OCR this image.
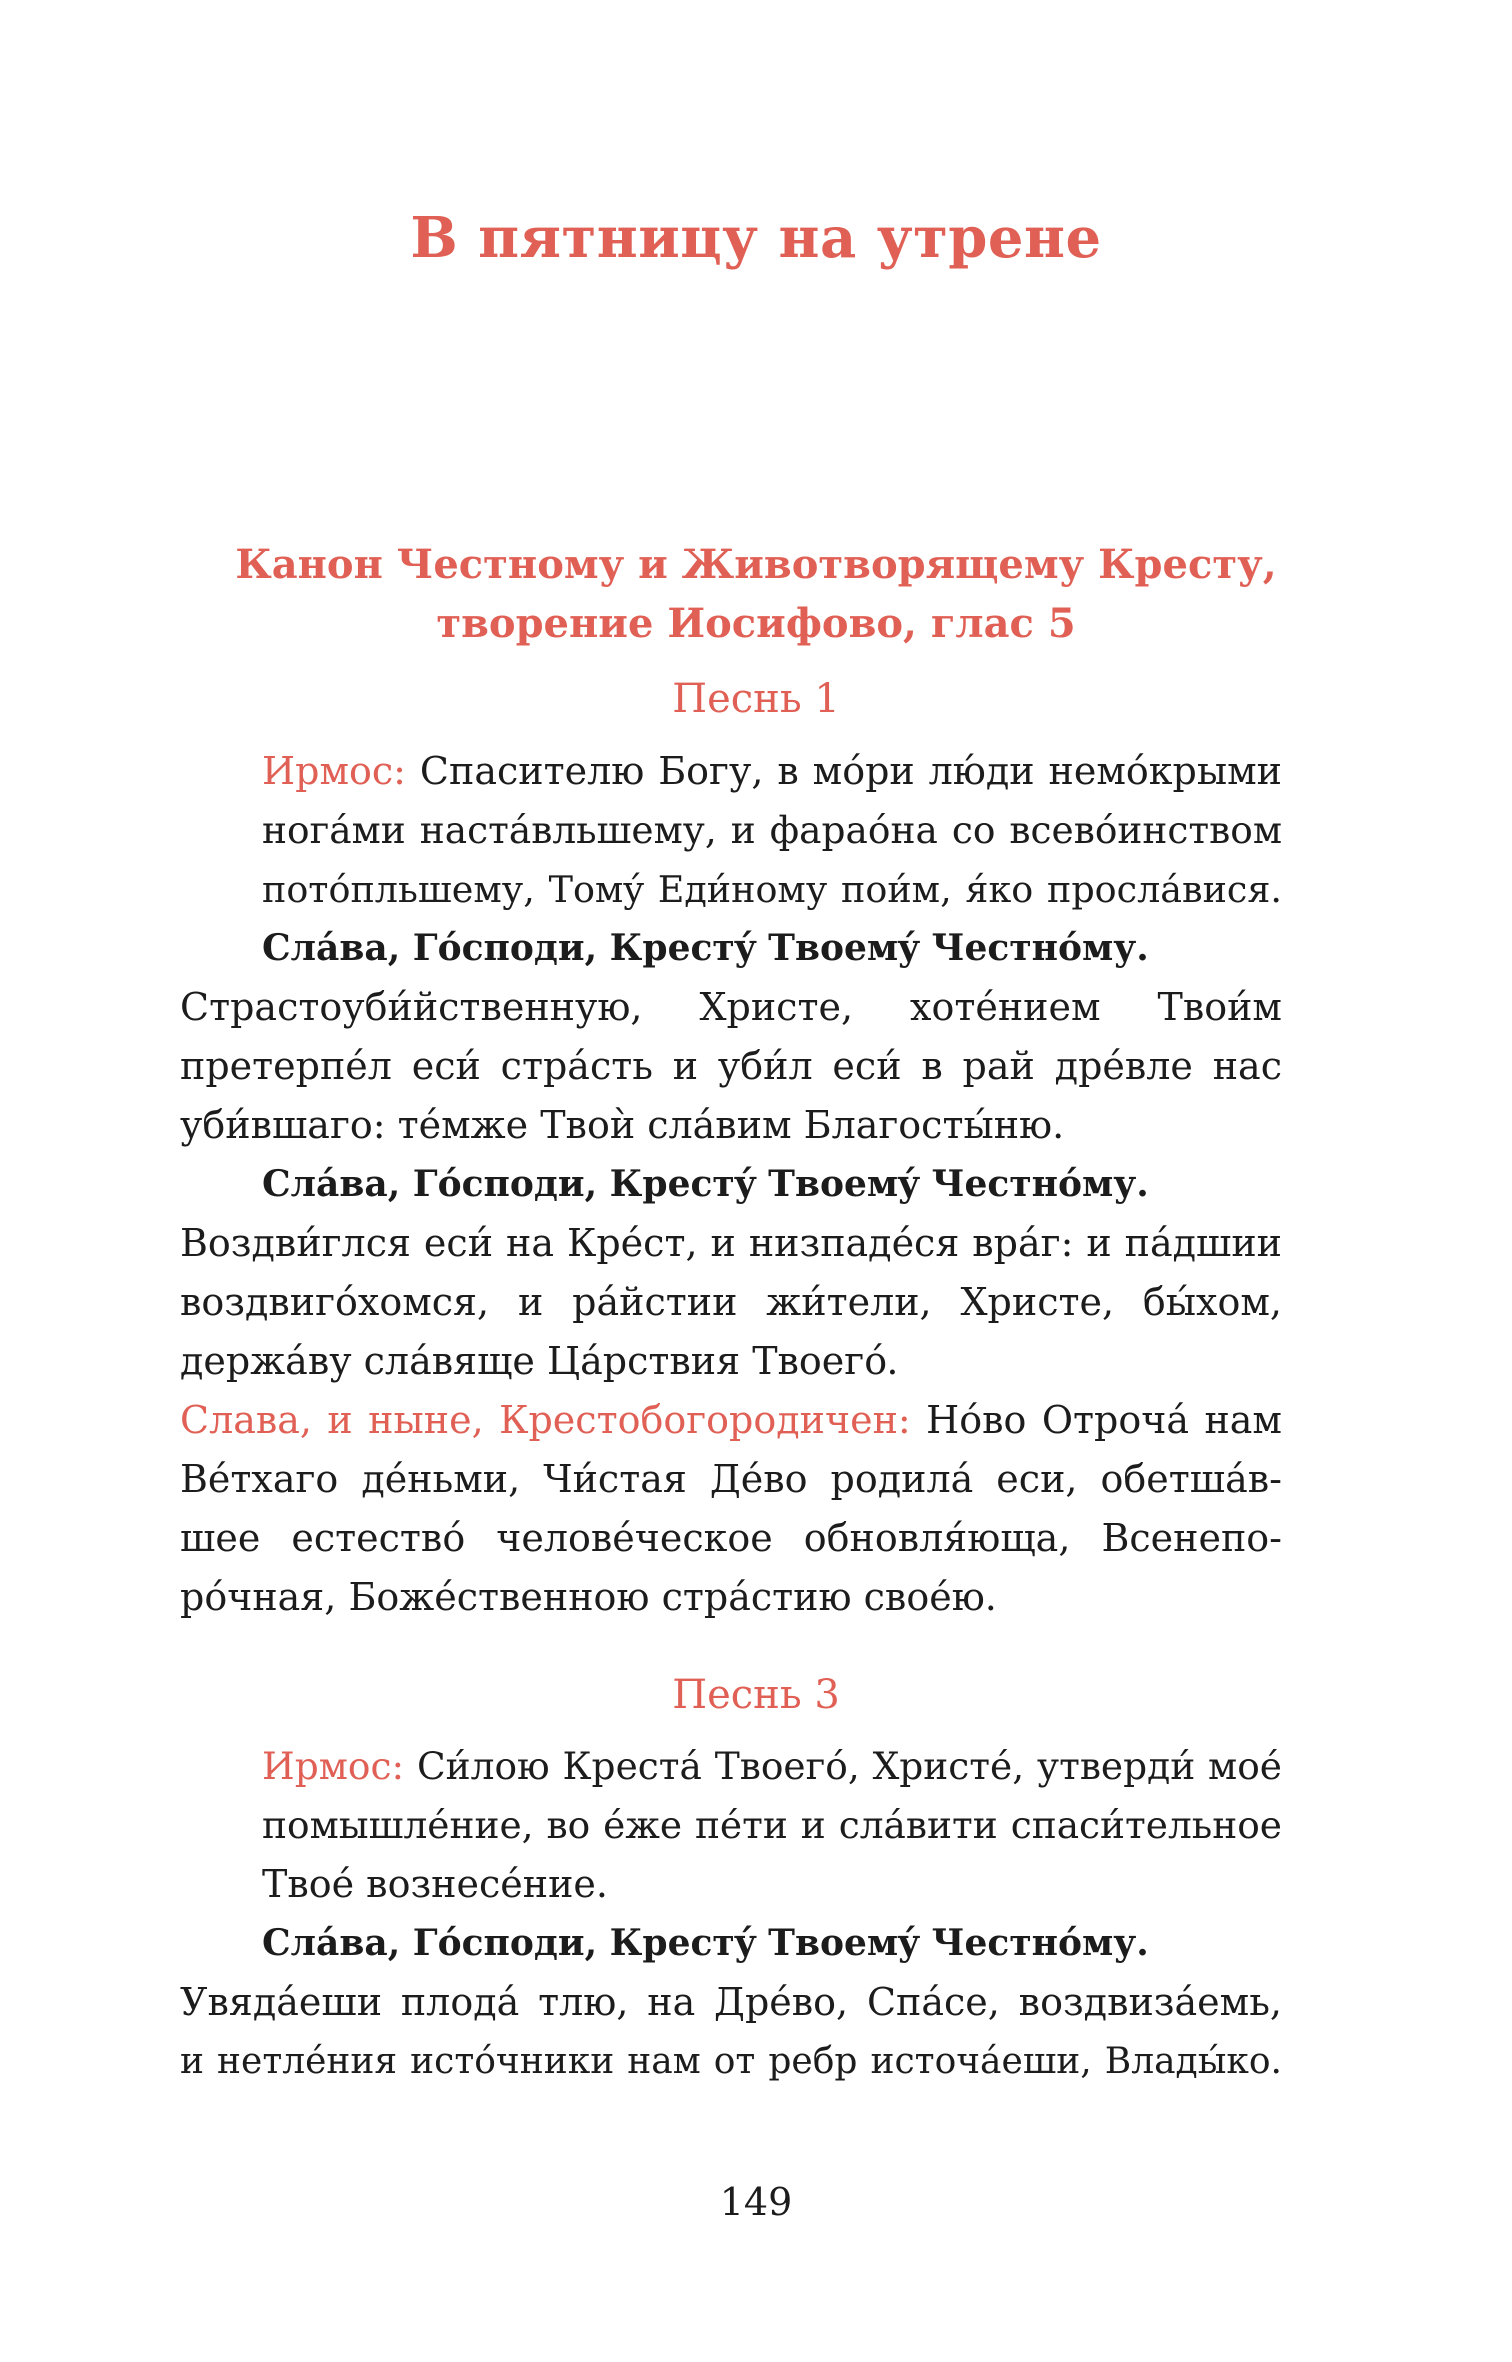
В пятницу на утрене
Канон Честному и Животворящему Кресту,
творение Иосифово, глас 5
Песнь 1
Ирмос: Спасителю Богу, в мóри лю́ди немóкрыми
ногáми настáвльшему, и фараóна со всевóинством
потóпльшему, Томý Еди́ному пои́м, я́ко прослáвися.
Слáва, Гóсподи, Крестý Твоемý Честнóму.
Страстоуби́йственную, Христе, хотéнием Твои́м
претерпéл еси́ стрáсть и уби́л еси́ в рай дрéвле нас
уби́вшаго: тéмже Твоѝ слáвим Благосты́ню.
Слáва, Гóсподи, Крестý Твоемý Честнóму.
Воздви́глся еси́ на Крéст, и низпадéся врáг: и пáдшии
воздвигóхомся, и рáйстии жи́тели, Христе, бы́хом,
держáву слáвяще Цáрствия Твоегó.
Слава, и ныне, Крестобогородичен: Нóво Отрочá нам
Вéтхаго дéньми, Чи́стая Дéво родилá еси, обетшáв-
шее естествó человéческое обновля́юща, Всенепо-
рóчная, Божéственною стрáстию своéю.
Песнь 3
Ирмос: Си́лою Крестá Твоегó, Христé, утверди́ моé
помышлéние, во éже пéти и слáвити спаси́тельное
Твоé вознесéние.
Слáва, Гóсподи, Крестý Твоемý Честнóму.
Увядáеши плодá тлю, на Дрéво, Спáсе, воздвизáемь,
и нетлéния истóчники нам от ребр источáеши, Влады́ко.
149
